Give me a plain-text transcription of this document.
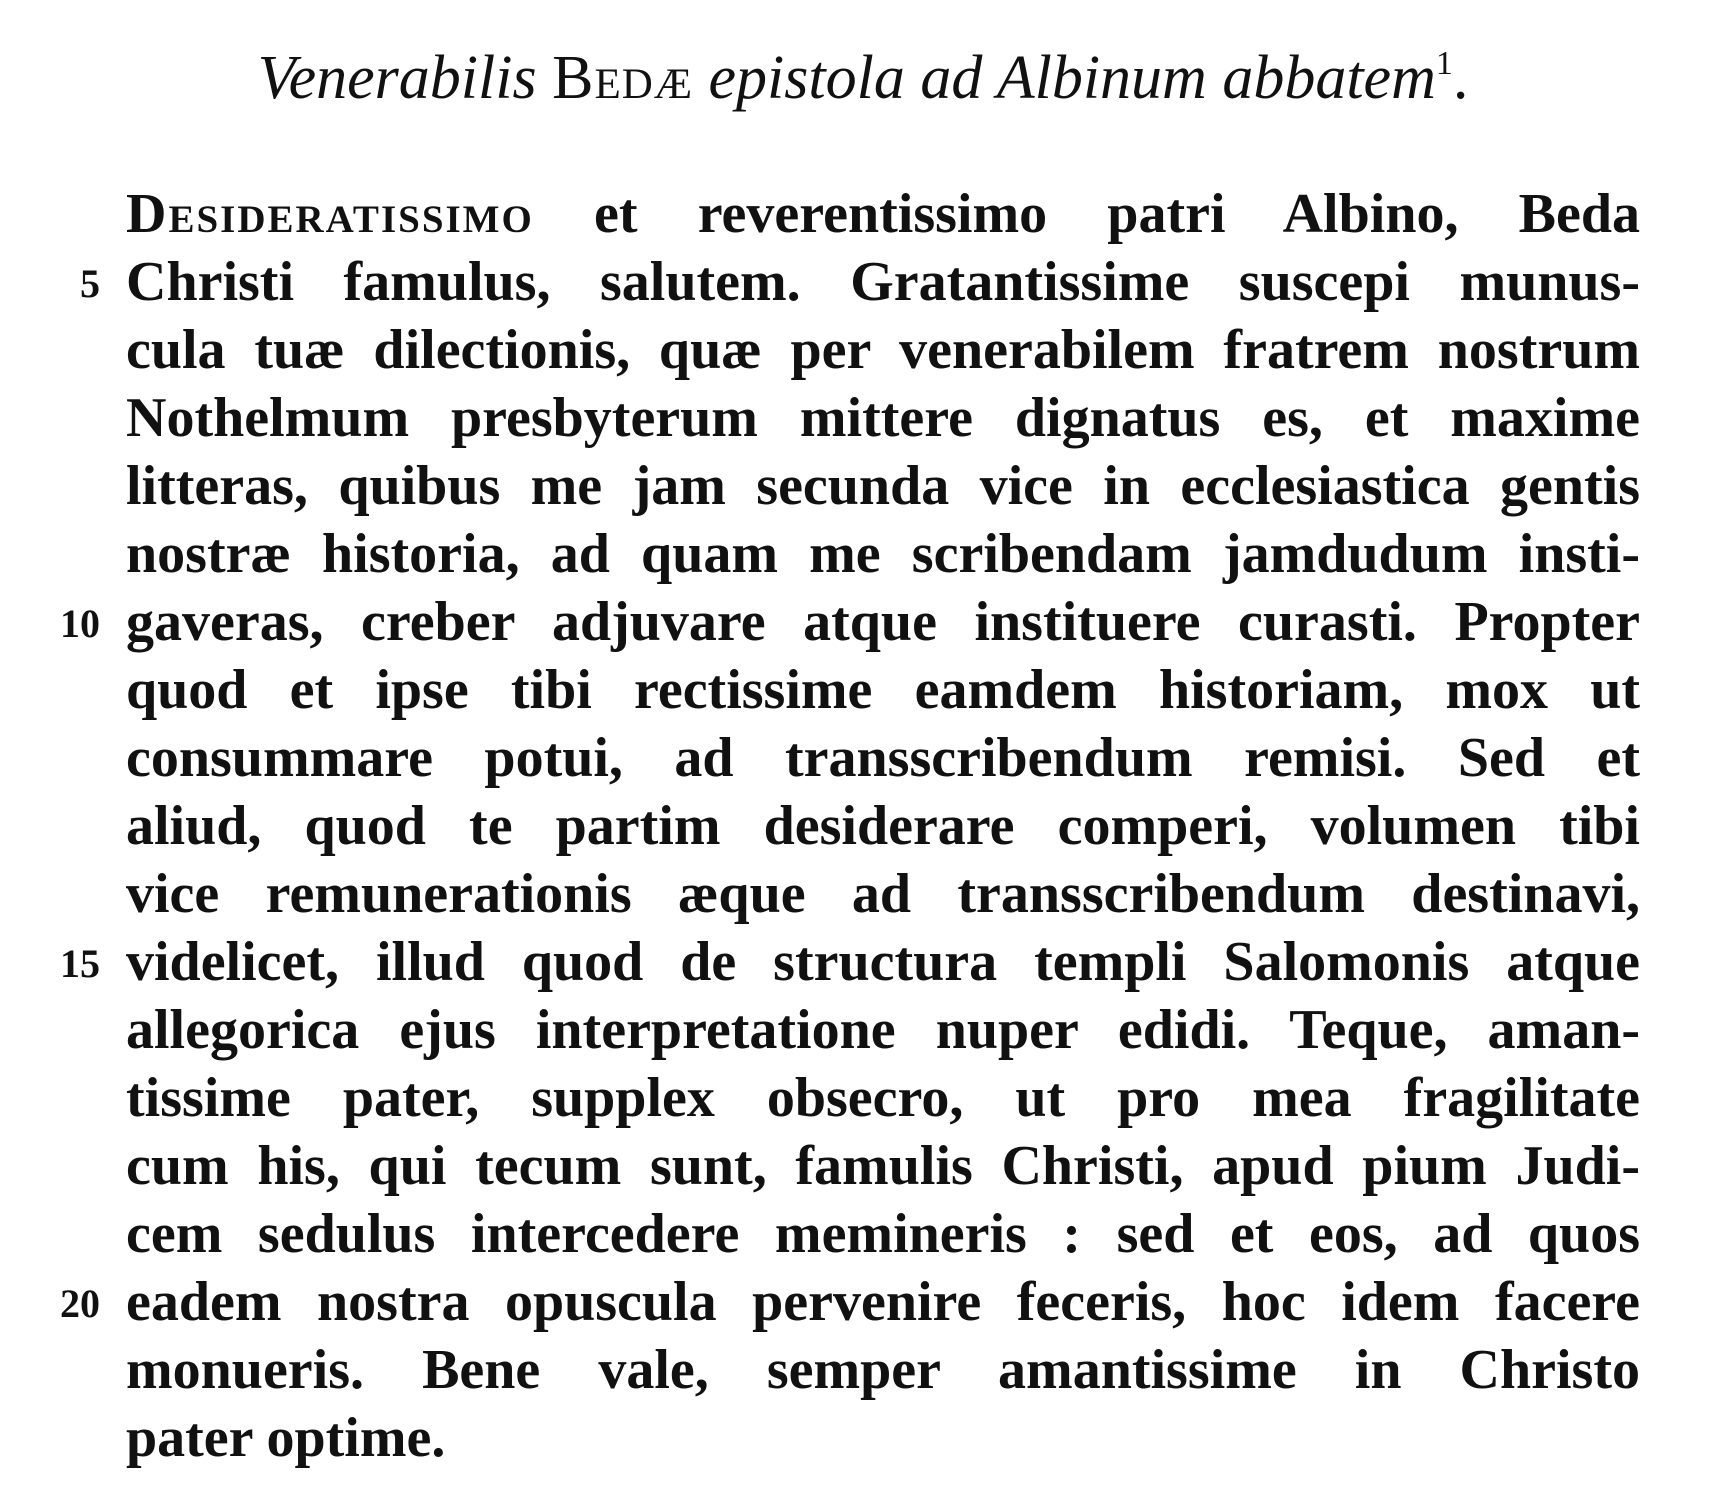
Venerabilis Bedæ epistola ad Albinum abbatem$^1$.
Desideratissimo et reverentissimo patri Albino, Beda
5 Christi famulus, salutem. Gratantissime suscepi munus-
cula tuæ dilectionis, quæ per venerabilem fratrem nostrum
Nothelmum presbyterum mittere dignatus es, et maxime
litteras, quibus me jam secunda vice in ecclesiastica gentis
nostræ historia, ad quam me scribendam jamdudum insti-
10 gaveras, creber adjuvare atque instituere curasti. Propter
quod et ipse tibi rectissime eamdem historiam, mox ut
consummare potui, ad transscribendum remisi. Sed et
aliud, quod te partim desiderare comperi, volumen tibi
vice remunerationis æque ad transscribendum destinavi,
15 videlicet, illud quod de structura templi Salomonis atque
allegorica ejus interpretatione nuper edidi. Teque, aman-
tissime pater, supplex obsecro, ut pro mea fragilitate
cum his, qui tecum sunt, famulis Christi, apud pium Judi-
cem sedulus intercedere memineris : sed et eos, ad quos
20 eadem nostra opuscula pervenire feceris, hoc idem facere
monueris. Bene vale, semper amantissime in Christo
pater optime.
